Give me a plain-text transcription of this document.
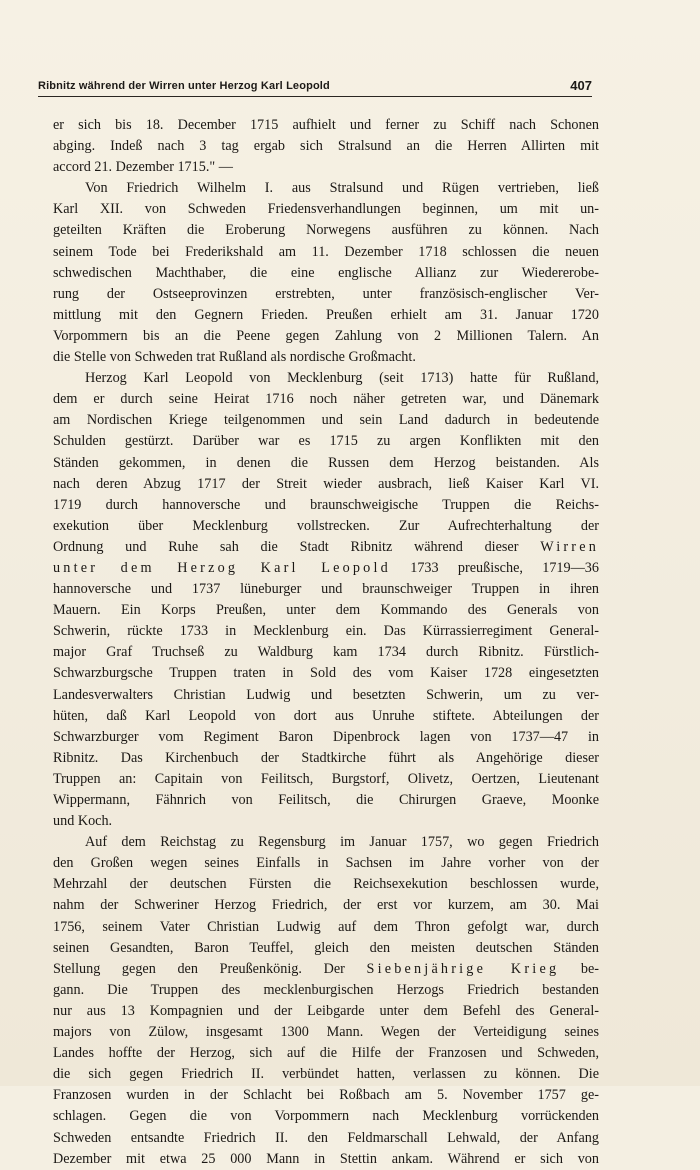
Ribnitz während der Wirren unter Herzog Karl Leopold	407
er sich bis 18. December 1715 aufhielt und ferner zu Schiff nach Schonen
abging. Indeß nach 3 tag ergab sich Stralsund an die Herren Allirten mit
accord 21. Dezember 1715." —
Von Friedrich Wilhelm I. aus Stralsund und Rügen vertrieben, ließ
Karl XII. von Schweden Friedensverhandlungen beginnen, um mit un-
geteilten Kräften die Eroberung Norwegens ausführen zu können. Nach
seinem Tode bei Frederikshald am 11. Dezember 1718 schlossen die neuen
schwedischen Machthaber, die eine englische Allianz zur Wiedererobe-
rung der Ostseeprovinzen erstrebten, unter französisch-englischer Ver-
mittlung mit den Gegnern Frieden. Preußen erhielt am 31. Januar 1720
Vorpommern bis an die Peene gegen Zahlung von 2 Millionen Talern. An
die Stelle von Schweden trat Rußland als nordische Großmacht.
Herzog Karl Leopold von Mecklenburg (seit 1713) hatte für Rußland,
dem er durch seine Heirat 1716 noch näher getreten war, und Dänemark
am Nordischen Kriege teilgenommen und sein Land dadurch in bedeutende
Schulden gestürzt. Darüber war es 1715 zu argen Konflikten mit den
Ständen gekommen, in denen die Russen dem Herzog beistanden. Als
nach deren Abzug 1717 der Streit wieder ausbrach, ließ Kaiser Karl VI.
1719 durch hannoversche und braunschweigische Truppen die Reichs-
exekution über Mecklenburg vollstrecken. Zur Aufrechterhaltung der
Ordnung und Ruhe sah die Stadt Ribnitz während dieser Wirren
unter dem Herzog Karl Leopold 1733 preußische, 1719—36
hannoversche und 1737 lüneburger und braunschweiger Truppen in ihren
Mauern. Ein Korps Preußen, unter dem Kommando des Generals von
Schwerin, rückte 1733 in Mecklenburg ein. Das Kürrassierregiment General-
major Graf Truchseß zu Waldburg kam 1734 durch Ribnitz. Fürstlich-
Schwarzburgsche Truppen traten in Sold des vom Kaiser 1728 eingesetzten
Landesverwalters Christian Ludwig und besetzten Schwerin, um zu ver-
hüten, daß Karl Leopold von dort aus Unruhe stiftete. Abteilungen der
Schwarzburger vom Regiment Baron Dipenbrock lagen von 1737—47 in
Ribnitz. Das Kirchenbuch der Stadtkirche führt als Angehörige dieser
Truppen an: Capitain von Feilitsch, Burgstorf, Olivetz, Oertzen, Lieutenant
Wippermann, Fähnrich von Feilitsch, die Chirurgen Graeve, Moonke
und Koch.
Auf dem Reichstag zu Regensburg im Januar 1757, wo gegen Friedrich
den Großen wegen seines Einfalls in Sachsen im Jahre vorher von der
Mehrzahl der deutschen Fürsten die Reichsexekution beschlossen wurde,
nahm der Schweriner Herzog Friedrich, der erst vor kurzem, am 30. Mai
1756, seinem Vater Christian Ludwig auf dem Thron gefolgt war, durch
seinen Gesandten, Baron Teuffel, gleich den meisten deutschen Ständen
Stellung gegen den Preußenkönig. Der Siebenjährige Krieg be-
gann. Die Truppen des mecklenburgischen Herzogs Friedrich bestanden
nur aus 13 Kompagnien und der Leibgarde unter dem Befehl des General-
majors von Zülow, insgesamt 1300 Mann. Wegen der Verteidigung seines
Landes hoffte der Herzog, sich auf die Hilfe der Franzosen und Schweden,
die sich gegen Friedrich II. verbündet hatten, verlassen zu können. Die
Franzosen wurden in der Schlacht bei Roßbach am 5. November 1757 ge-
schlagen. Gegen die von Vorpommern nach Mecklenburg vorrückenden
Schweden entsandte Friedrich II. den Feldmarschall Lehwald, der Anfang
Dezember mit etwa 25 000 Mann in Stettin ankam. Während er sich von
